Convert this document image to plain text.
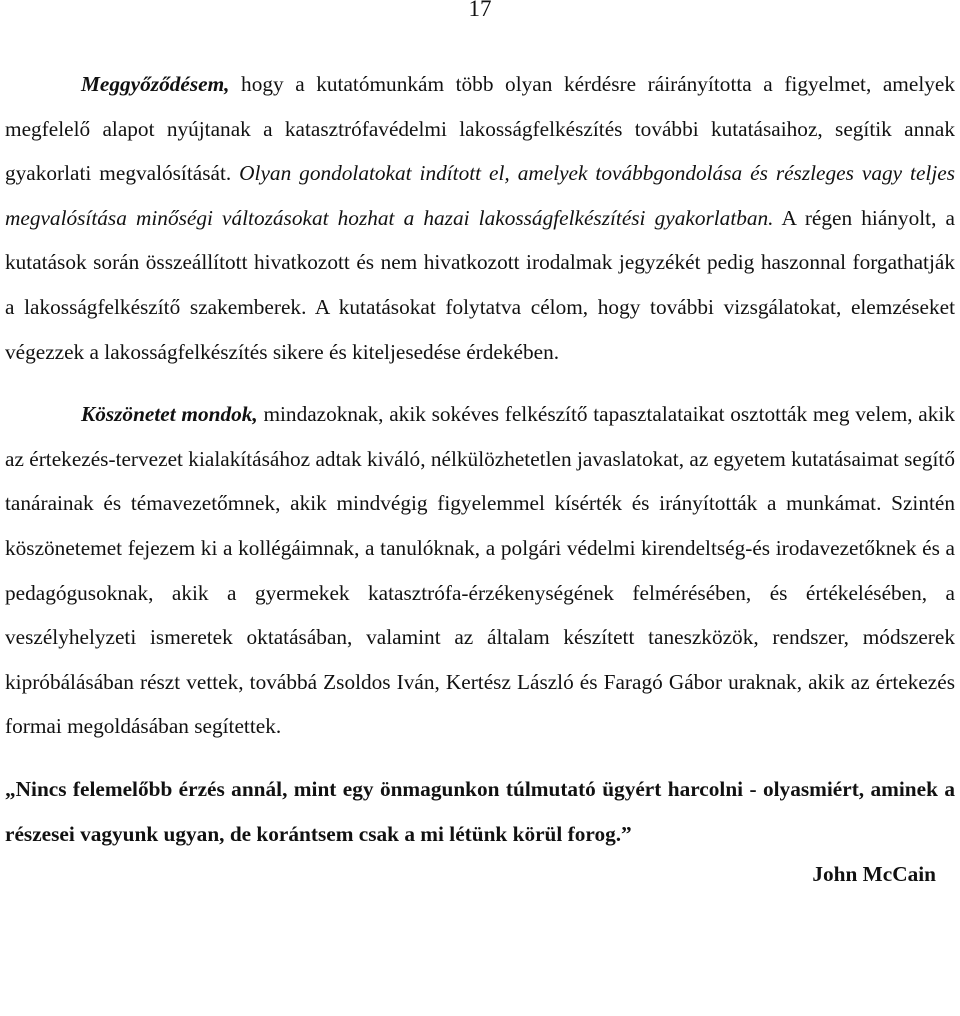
17

Meggyőződésem, hogy a kutatómunkám több olyan kérdésre ráirányította a figyelmet, amelyek megfelelő alapot nyújtanak a katasztrófavédelmi lakosságfelkészítés további kutatásaihoz, segítik annak gyakorlati megvalósítását. Olyan gondolatokat indított el, amelyek továbbgondolása és részleges vagy teljes megvalósítása minőségi változásokat hozhat a hazai lakosságfelkészítési gyakorlatban. A régen hiányolt, a kutatások során összeállított hivatkozott és nem hivatkozott irodalmak jegyzékét pedig haszonnal forgathatják a lakosságfelkészítő szakemberek. A kutatásokat folytatva célom, hogy további vizsgálatokat, elemzéseket végezzek a lakosságfelkészítés sikere és kiteljesedése érdekében.

Köszönetet mondok, mindazoknak, akik sokéves felkészítő tapasztalataikat osztották meg velem, akik az értekezés-tervezet kialakításához adtak kiváló, nélkülözhetetlen javaslatokat, az egyetem kutatásaimat segítő tanárainak és témavezetőmnek, akik mindvégig figyelemmel kísérték és irányították a munkámat. Szintén köszönetemet fejezem ki a kollégáimnak, a tanulóknak, a polgári védelmi kirendeltség-és irodavezetőknek és a pedagógusoknak, akik a gyermekek katasztrófa-érzékenységének felmérésében, és értékelésében, a veszélyhelyzeti ismeretek oktatásában, valamint az általam készített taneszközök, rendszer, módszerek kipróbálásában részt vettek, továbbá Zsoldos Iván, Kertész László és Faragó Gábor uraknak, akik az értekezés formai megoldásában segítettek.

„Nincs felemelőbb érzés annál, mint egy önmagunkon túlmutató ügyért harcolni - olyasmiért, aminek a részesei vagyunk ugyan, de korántsem csak a mi létünk körül forog.”
John McCain
